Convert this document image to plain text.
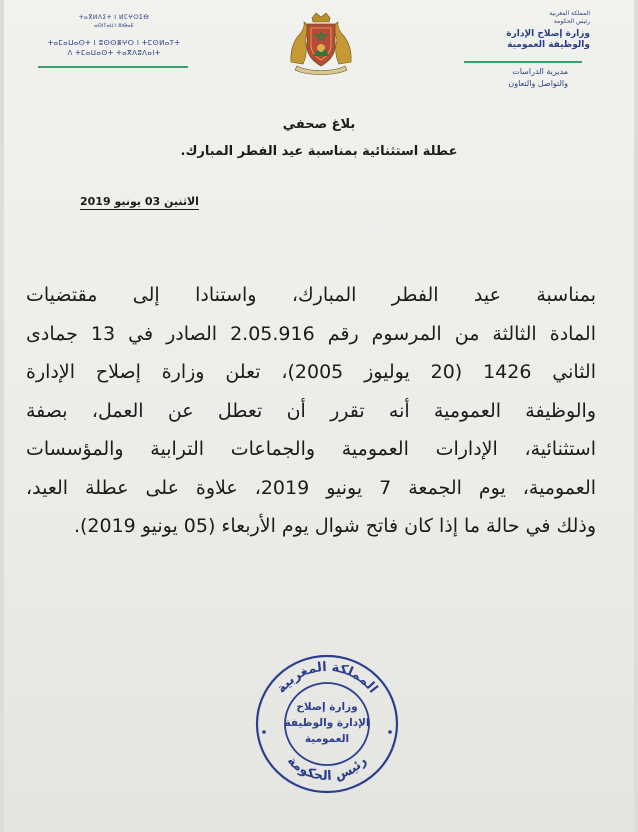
ⵜⴰⴳⵍⴷⵉⵜ ⵏ ⵍⵎⵖⵔⵉⴱ
ⴰⵙⵏⵢⴰⵡ ⵏ ⵓⵏⴱⴰⴹ
ⵜⴰⵎⴰⵡⴰⵙⵜ ⵏ ⵓⵙⵙⴻⵖⵔ ⵏ ⵜⵎⵙⵍⴰⵢⵜ
ⴷ ⵜⵎⴰⵡⴰⵙⵜ ⵜⴰⴳⴷⵓⴷⴰⵏⵜ
المملكة المغربية
رئيس الحكومة
وزارة إصلاح الإدارة
والوظيفة العمومية
مديرية الدراسات
والتواصل والتعاون
بلاغ صحفي
عطلة استثنائية بمناسبة عيد الفطر المبارك.
الاثنين 03 يونيو 2019

بمناسبة عيد الفطر المبارك، واستنادا إلى مقتضيات

المادة الثالثة من المرسوم رقم 2.05.916 الصادر في 13 جمادى

الثاني 1426 (20 يوليوز 2005)، تعلن وزارة إصلاح الإدارة

والوظيفة العمومية أنه تقرر أن تعطل عن العمل، بصفة

استثنائية، الإدارات العمومية والجماعات الترابية والمؤسسات

العمومية، يوم الجمعة 7 يونيو 2019، علاوة على عطلة العيد،

وذلك في حالة ما إذا كان فاتح شوال يوم الأربعاء (05 يونيو 2019).

المملكة المغربية
رئيس الحكومة
وزارة إصلاح
الإدارة والوظيفة
العمومية
